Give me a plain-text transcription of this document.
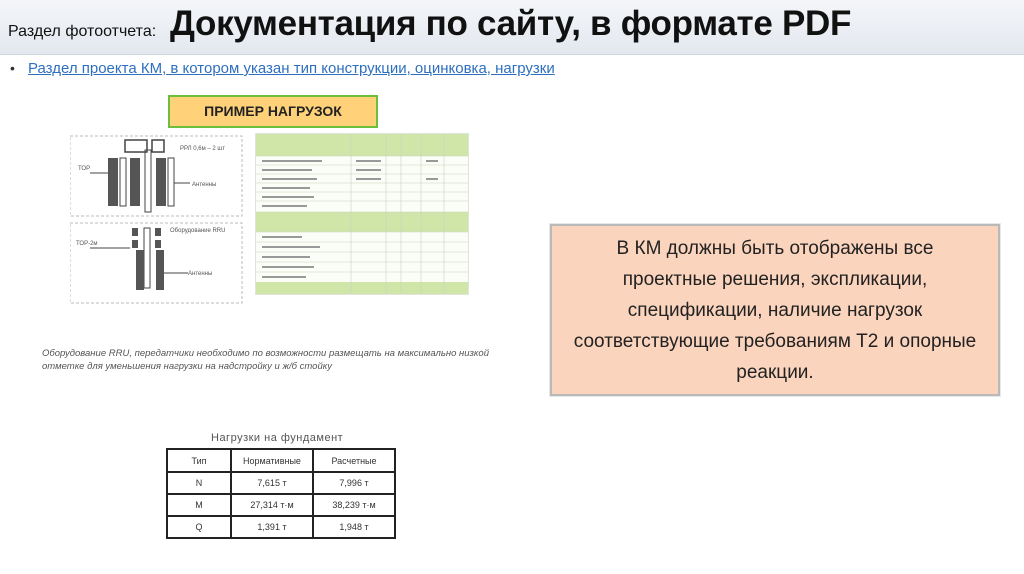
Раздел фотоотчета: Документация по сайту, в формате PDF
• Раздел проекта КМ, в котором указан тип конструкции, оцинковка, нагрузки
ПРИМЕР НАГРУЗОК
РРЛ 0,6м – 2 шт
ТОР
Антенны
ТОР-2м
Оборудование RRU
Антенны
Оборудование RRU, передатчики необходимо по возможности размещать на максимально низкой отметке для уменьшения нагрузки на надстройку и ж/б стойку
В КМ должны быть отображены все проектные решения, экспликации, спецификации, наличие нагрузок соответствующие требованиям Т2 и опорные реакции.
Нагрузки на фундамент
Тип	Нормативные	Расчетные
N	7,615 т	7,996 т
M	27,314 т·м	38,239 т·м
Q	1,391 т	1,948 т
